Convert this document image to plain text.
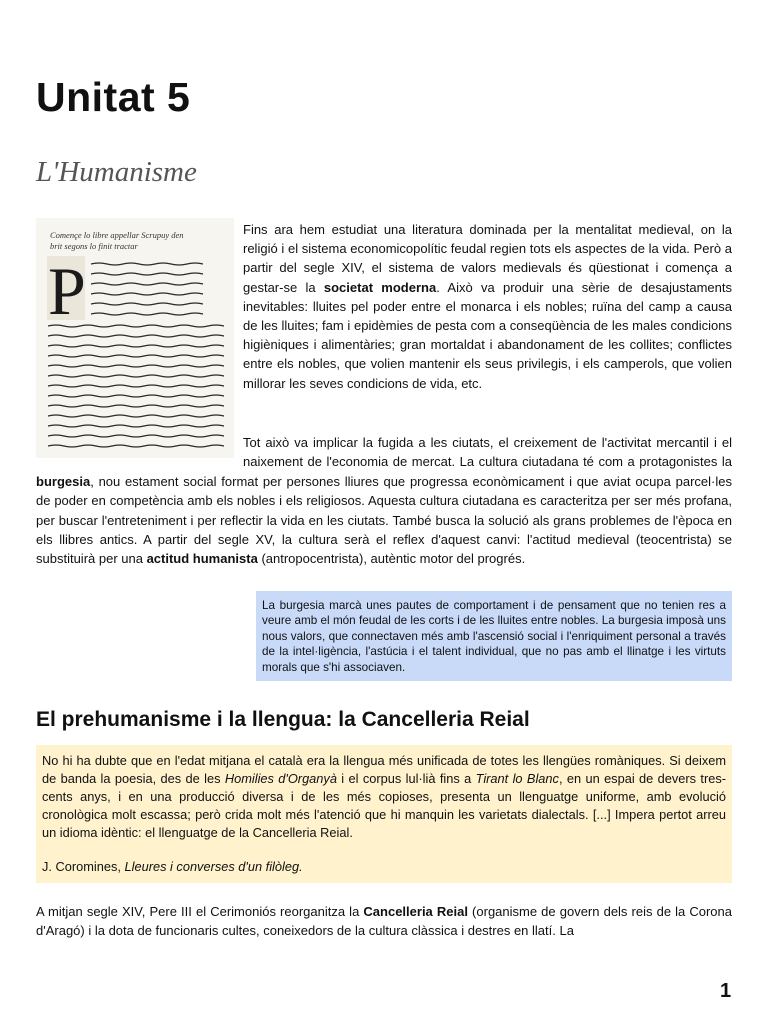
Unitat 5
L'Humanisme
Començe lo libre appellar Scrupuy den
brit segons lo finit tractar
P

Fins ara hem estudiat una literatura dominada per la mentalitat medieval, on la religió i el sistema economicopolític feudal regien tots els aspectes de la vida. Però a partir del segle XIV, el sistema de valors medievals és qüestionat i comença a gestar-se la societat moderna. Això va produir una sèrie de desajustaments inevitables: lluites pel poder entre el monarca i els nobles; ruïna del camp a causa de les lluites; fam i epidèmies de pesta com a conseqüència de les males condicions higièniques i alimentàries; gran mortaldat i abandonament de les collites; conflictes entre els nobles, que volien mantenir els seus privilegis, i els camperols, que volien millorar les seves condicions de vida, etc.

Tot això va implicar la fugida a les ciutats, el creixement de l'activitat mercantil i el naixement de l'economia de mercat. La cultura ciutadana té com a protagonistes la burgesia, nou estament social format per persones lliures que progressa econòmicament i que aviat ocupa parcel·les de poder en competència amb els nobles i els religiosos. Aquesta cultura ciutadana es caracteritza per ser més profana, per buscar l'entreteniment i per reflectir la vida en les ciutats. També busca la solució als grans problemes de l'època en els llibres antics. A partir del segle XV, la cultura serà el reflex d'aquest canvi: l'actitud medieval (teocentrista) se substituirà per una actitud humanista (antropocentrista), autèntic motor del progrés.

La burgesia marcà unes pautes de comportament i de pensament que no tenien res a veure amb el món feudal de les corts i de les lluites entre nobles. La burgesia imposà uns nous valors, que connectaven més amb l'ascensió social i l'enriquiment personal a través de la intel·ligència, l'astúcia i el talent individual, que no pas amb el llinatge i les virtuts morals que s'hi associaven.

El prehumanisme i la llengua: la Cancelleria Reial

No hi ha dubte que en l'edat mitjana el català era la llengua més unificada de totes les llengües romàniques. Si deixem de banda la poesia, des de les Homilies d'Organyà i el corpus lul·lià fins a Tirant lo Blanc, en un espai de devers tres-cents anys, i en una producció diversa i de les més copioses, presenta un llenguatge uniforme, amb evolució cronològica molt escassa; però crida molt més l'atenció que hi manquin les varietats dialectals. [...] Impera pertot arreu un idioma idèntic: el llenguatge de la Cancelleria Reial.

J. Coromines, Lleures i converses d'un filòleg.

A mitjan segle XIV, Pere III el Cerimoniós reorganitza la Cancelleria Reial (organisme de govern dels reis de la Corona d'Aragó) i la dota de funcionaris cultes, coneixedors de la cultura clàssica i destres en llatí. La

1
